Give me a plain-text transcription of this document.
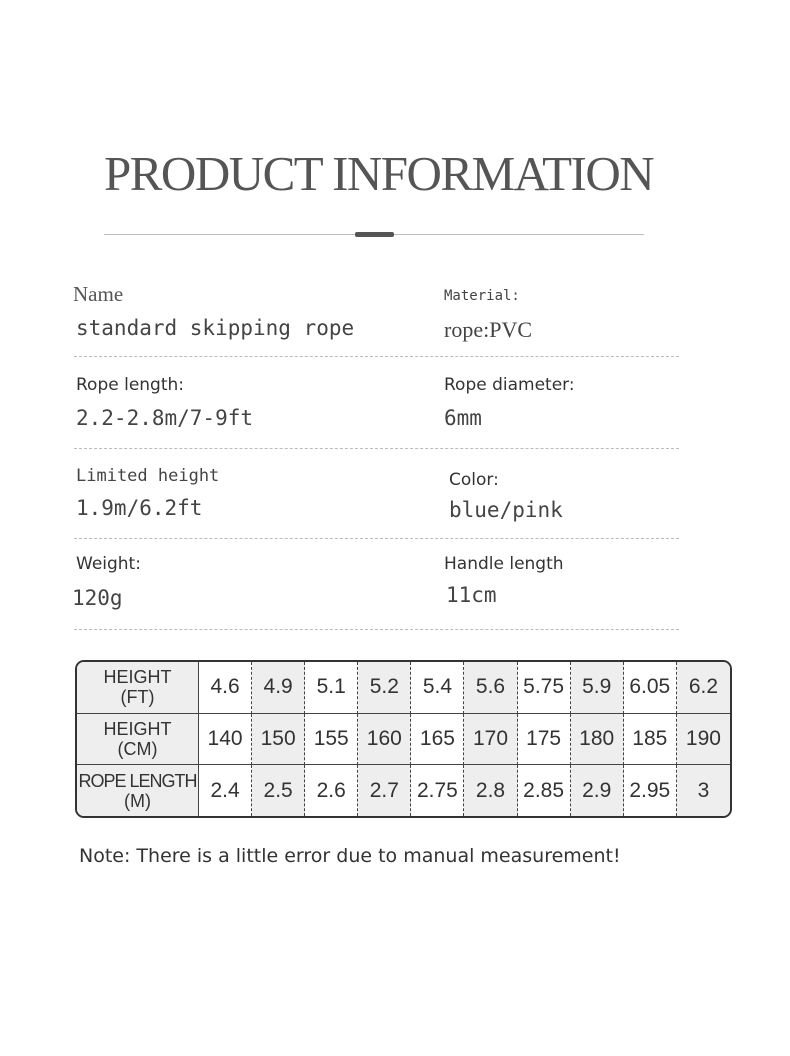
PRODUCT INFORMATION
Name
standard skipping rope
Material:
rope:PVC
Rope length:
2.2-2.8m/7-9ft
Rope diameter:
6mm
Limited height
1.9m/6.2ft
Color:
blue/pink
Weight:
120g
Handle length
11cm
HEIGHT
(FT)	4.6	4.9	5.1	5.2	5.4	5.6	5.75	5.9	6.05	6.2

HEIGHT
(CM)	140	150	155	160	165	170	175	180	185	190

ROPE LENGTH
(M)	2.4	2.5	2.6	2.7	2.75	2.8	2.85	2.9	2.95	3
Note: There is a little error due to manual measurement!
